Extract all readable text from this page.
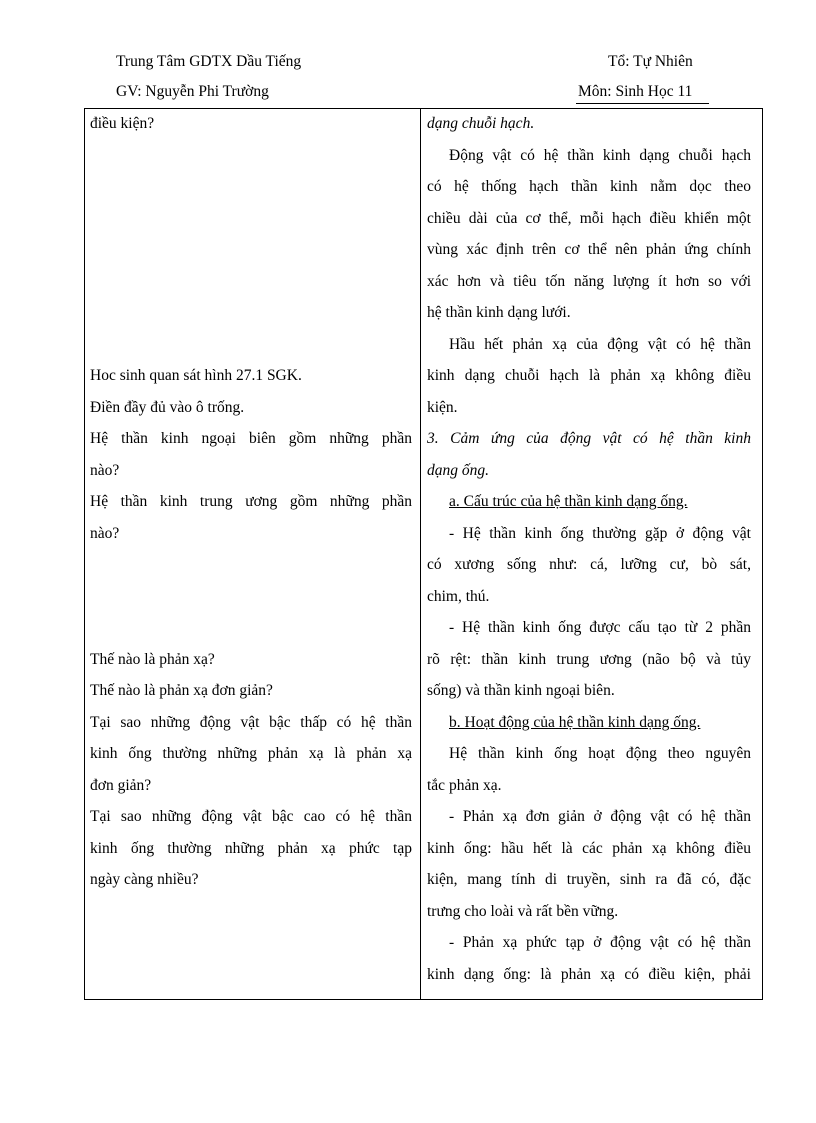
Trung Tâm GDTX Dầu Tiếng	Tổ: Tự Nhiên
GV: Nguyễn Phi Trường	Môn: Sinh Học 11
điều kiện?
Hoc sinh quan sát hình 27.1 SGK.
Điền đầy đủ vào ô trống.
Hệ thần kinh ngoại biên gồm những phần
nào?
Hệ thần kinh trung ương gồm những phần
nào?
Thế nào là phản xạ?
Thế nào là phản xạ đơn giản?
Tại sao những động vật bậc thấp có hệ thần
kinh ống thường những phản xạ là phản xạ
đơn giản?
Tại sao những động vật bậc cao có hệ thần
kinh ống thường những phản xạ phức tạp
ngày càng nhiều?
dạng chuỗi hạch.
Động vật có hệ thần kinh dạng chuỗi hạch
có hệ thống hạch thần kinh nằm dọc theo
chiều dài của cơ thể, mỗi hạch điều khiển một
vùng xác định trên cơ thể nên phản ứng chính
xác hơn và tiêu tốn năng lượng ít hơn so với
hệ thần kinh dạng lưới.
Hầu hết phản xạ của động vật có hệ thần
kinh dạng chuỗi hạch là phản xạ không điều
kiện.
3. Cảm ứng của động vật có hệ thần kinh
dạng ống.
a. Cấu trúc của hệ thần kinh dạng ống.
- Hệ thần kinh ống thường gặp ở động vật
có xương sống như: cá, lưỡng cư, bò sát,
chim, thú.
- Hệ thần kinh ống được cấu tạo từ 2 phần
rõ rệt: thần kinh trung ương (não bộ và tủy
sống) và thần kinh ngoại biên.
b. Hoạt động của hệ thần kinh dạng ống.
Hệ thần kinh ống hoạt động theo nguyên
tắc phản xạ.
- Phản xạ đơn giản ở động vật có hệ thần
kinh ống: hầu hết là các phản xạ không điều
kiện, mang tính di truyền, sinh ra đã có, đặc
trưng cho loài và rất bền vững.
- Phản xạ phức tạp ở động vật có hệ thần
kinh dạng ống: là phản xạ có điều kiện, phải
